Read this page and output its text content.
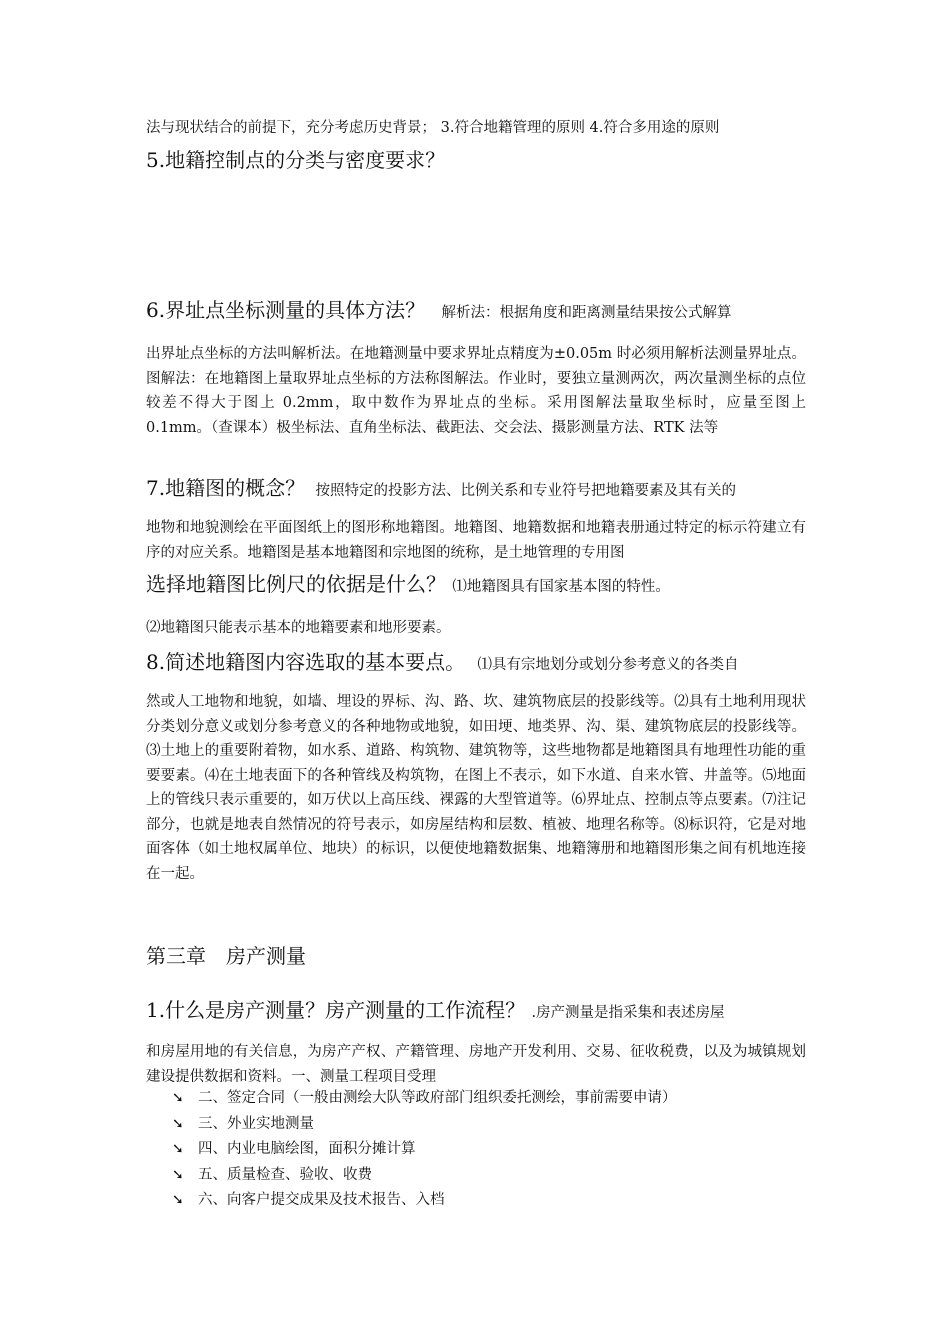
法与现状结合的前提下，充分考虑历史背景； 3.符合地籍管理的原则 4.符合多用途的原则
5.地籍控制点的分类与密度要求？
6.界址点坐标测量的具体方法？ 解析法：根据角度和距离测量结果按公式解算
出界址点坐标的方法叫解析法。在地籍测量中要求界址点精度为±0.05m 时必须用解析法测量界址点。图解法：在地籍图上量取界址点坐标的方法称图解法。作业时，要独立量测两次，两次量测坐标的点位较差不得大于图上 0.2mm，取中数作为界址点的坐标。采用图解法量取坐标时，应量至图上 0.1mm。（查课本）极坐标法、直角坐标法、截距法、交会法、摄影测量方法、RTK 法等
7.地籍图的概念？ 按照特定的投影方法、比例关系和专业符号把地籍要素及其有关的
地物和地貌测绘在平面图纸上的图形称地籍图。地籍图、地籍数据和地籍表册通过特定的标示符建立有序的对应关系。地籍图是基本地籍图和宗地图的统称，是土地管理的专用图
选择地籍图比例尺的依据是什么？ ⑴地籍图具有国家基本图的特性。
⑵地籍图只能表示基本的地籍要素和地形要素。
8.简述地籍图内容选取的基本要点。 ⑴具有宗地划分或划分参考意义的各类自
然或人工地物和地貌，如墙、埋设的界标、沟、路、坎、建筑物底层的投影线等。⑵具有土地利用现状分类划分意义或划分参考意义的各种地物或地貌，如田埂、地类界、沟、渠、建筑物底层的投影线等。⑶土地上的重要附着物，如水系、道路、构筑物、建筑物等，这些地物都是地籍图具有地理性功能的重要要素。⑷在土地表面下的各种管线及构筑物，在图上不表示，如下水道、自来水管、井盖等。⑸地面上的管线只表示重要的，如万伏以上高压线、裸露的大型管道等。⑹界址点、控制点等点要素。⑺注记部分，也就是地表自然情况的符号表示，如房屋结构和层数、植被、地理名称等。⑻标识符，它是对地面客体（如土地权属单位、地块）的标识，以便使地籍数据集、地籍簿册和地籍图形集之间有机地连接在一起。
第三章　房产测量
1.什么是房产测量？房产测量的工作流程？ .房产测量是指采集和表述房屋
和房屋用地的有关信息，为房产产权、产籍管理、房地产开发利用、交易、征收税费，以及为城镇规划建设提供数据和资料。一、测量工程项目受理
➘ 二、签定合同（一般由测绘大队等政府部门组织委托测绘，事前需要申请）
➘ 三、外业实地测量
➘ 四、内业电脑绘图，面积分摊计算
➘ 五、质量检查、验收、收费
➘ 六、向客户提交成果及技术报告、入档
